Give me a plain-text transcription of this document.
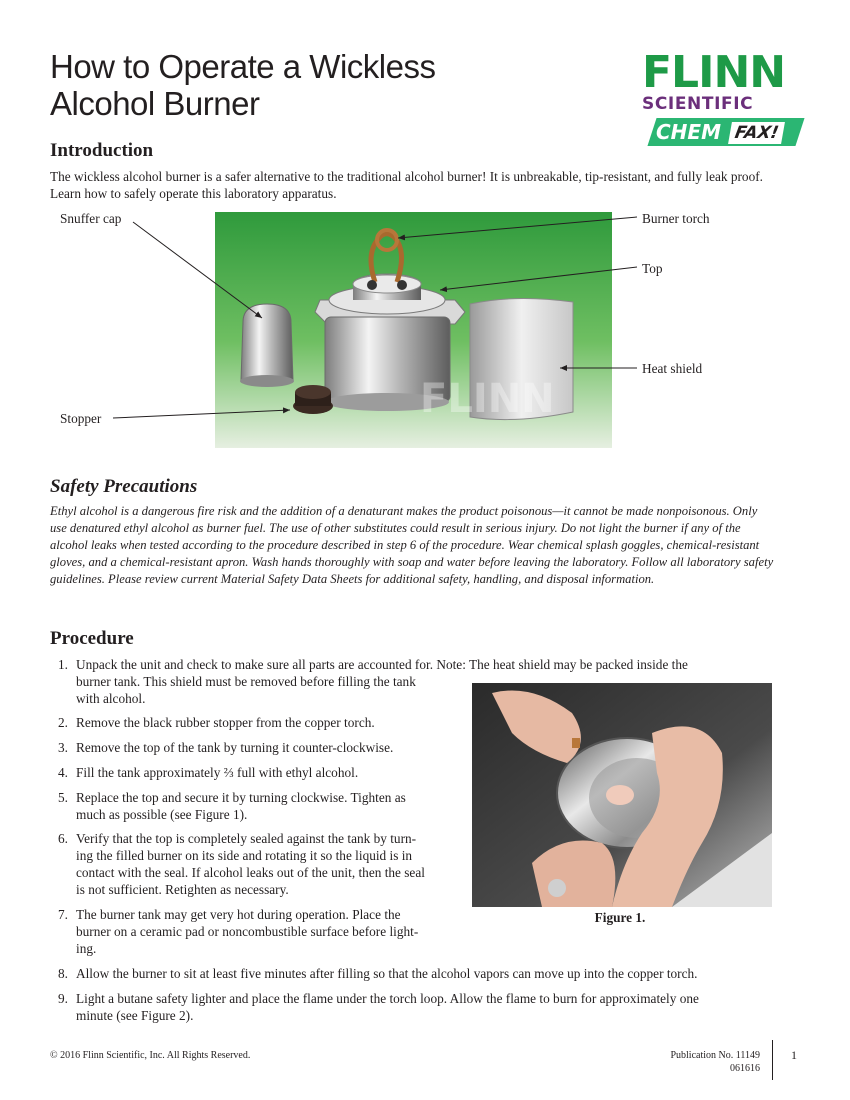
How to Operate a Wickless
Alcohol Burner
FLINN
SCIENTIFIC
CHEM FAX!
Introduction
The wickless alcohol burner is a safer alternative to the traditional alcohol burner! It is unbreakable, tip-resistant, and fully leak proof. Learn how to safely operate this laboratory apparatus.
FLINN
Snuffer cap
Stopper
Burner torch
Top
Heat shield
Safety Precautions
Ethyl alcohol is a dangerous fire risk and the addition of a denaturant makes the product poisonous—it cannot be made nonpoisonous. Only use denatured ethyl alcohol as burner fuel. The use of other substitutes could result in serious injury. Do not light the burner if any of the alcohol leaks when tested according to the procedure described in step 6 of the procedure. Wear chemical splash goggles, chemical-resistant gloves, and a chemical-resistant apron. Wash hands thoroughly with soap and water before leaving the laboratory. Follow all laboratory safety guidelines. Please review current Material Safety Data Sheets for additional safety, handling, and disposal information.
Procedure
1. Unpack the unit and check to make sure all parts are accounted for. Note: The heat shield may be packed inside the
burner tank. This shield must be removed before filling the tank
with alcohol.
2. Remove the black rubber stopper from the copper torch.
3. Remove the top of the tank by turning it counter-clockwise.
4. Fill the tank approximately ⅔ full with ethyl alcohol.
5. Replace the top and secure it by turning clockwise. Tighten as
much as possible (see Figure 1).
6. Verify that the top is completely sealed against the tank by turn-
ing the filled burner on its side and rotating it so the liquid is in
contact with the seal. If alcohol leaks out of the unit, then the seal
is not sufficient. Retighten as necessary.
7. The burner tank may get very hot during operation. Place the
burner on a ceramic pad or noncombustible surface before light-
ing.
8. Allow the burner to sit at least five minutes after filling so that the alcohol vapors can move up into the copper torch.
9. Light a butane safety lighter and place the flame under the torch loop. Allow the flame to burn for approximately one
minute (see Figure 2).
Figure 1.
© 2016 Flinn Scientific, Inc. All Rights Reserved.	Publication No. 11149
061616
1
